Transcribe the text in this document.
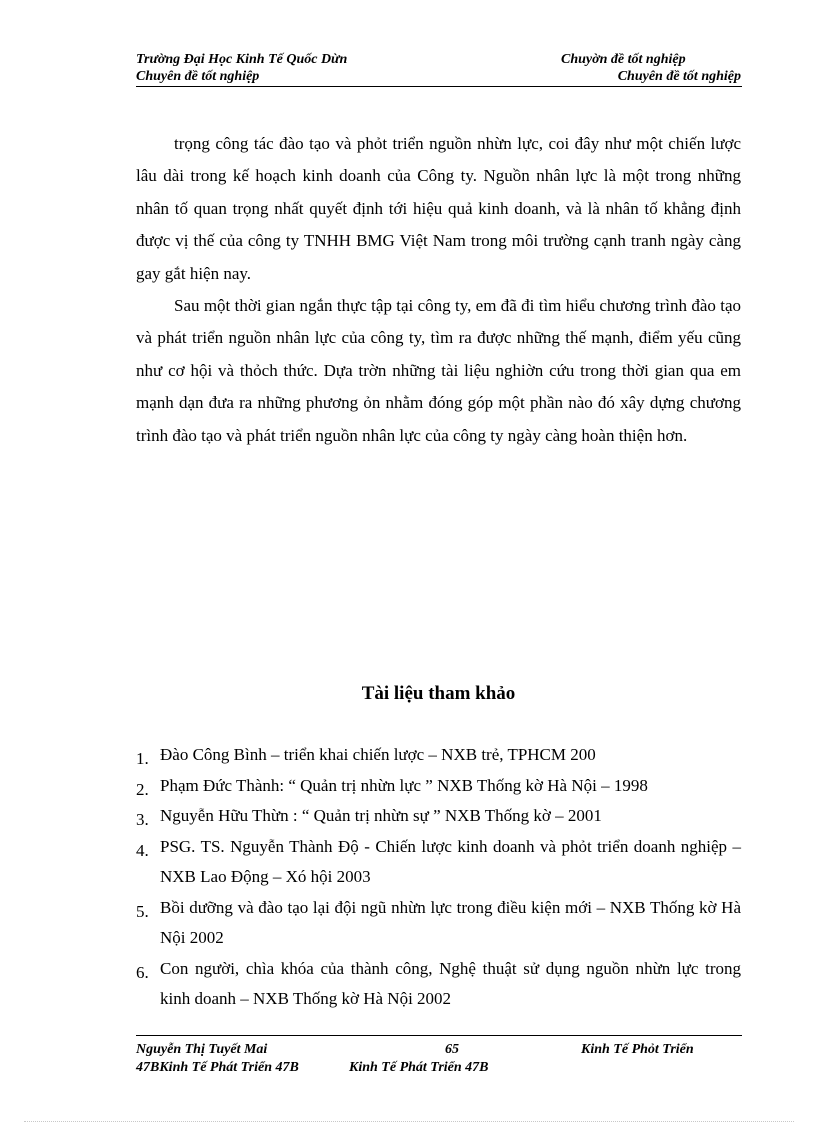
Trường Đại Học Kinh Tế Quốc Dừn
Chuyên đề tốt nghiệp
Chuyờn đề tốt nghiệp
Chuyên đề tốt nghiệp

trọng công tác đào tạo và phỏt triển nguồn nhừn lực, coi đây như một chiến lược lâu dài trong kế hoạch kinh doanh của Công ty. Nguồn nhân lực là một trong những nhân tố quan trọng nhất quyết định tới hiệu quả kinh doanh, và là nhân tố khẳng định được vị thế của công ty TNHH BMG Việt Nam trong môi trường cạnh tranh ngày càng gay gắt hiện nay.

Sau một thời gian ngắn thực tập tại công ty, em đã đi tìm hiểu chương trình đào tạo và phát triển nguồn nhân lực của công ty, tìm ra được những thế mạnh, điểm yếu cũng như cơ hội và thỏch thức. Dựa trờn những tài liệu nghiờn cứu trong thời gian qua em mạnh dạn đưa ra những phương ỏn nhằm đóng góp một phần nào đó xây dựng chương trình đào tạo và phát triển nguồn nhân lực của công ty ngày càng hoàn thiện hơn.

Tài liệu tham khảo
1. Đào Công Bình – triển khai chiến lược – NXB trẻ, TPHCM 200
2. Phạm Đức Thành: “ Quản trị nhừn lực ” NXB Thống kờ Hà Nội – 1998
3. Nguyễn Hữu Thừn : “ Quản trị nhừn sự ” NXB Thống kờ – 2001
4. PSG. TS. Nguyễn Thành Độ - Chiến lược kinh doanh và phỏt triển doanh nghiệp – NXB Lao Động – Xó hội 2003
5. Bồi dưỡng và đào tạo lại đội ngũ nhừn lực trong điều kiện mới – NXB Thống kờ Hà Nội 2002
6. Con người, chìa khóa của thành công, Nghệ thuật sử dụng nguồn nhừn lực trong kinh doanh – NXB Thống kờ Hà Nội 2002
Nguyễn Thị Tuyết Mai	65	Kinh Tế Phỏt Triển
47BKinh Tế Phát Triển 47B	Kinh Tế Phát Triển 47B
